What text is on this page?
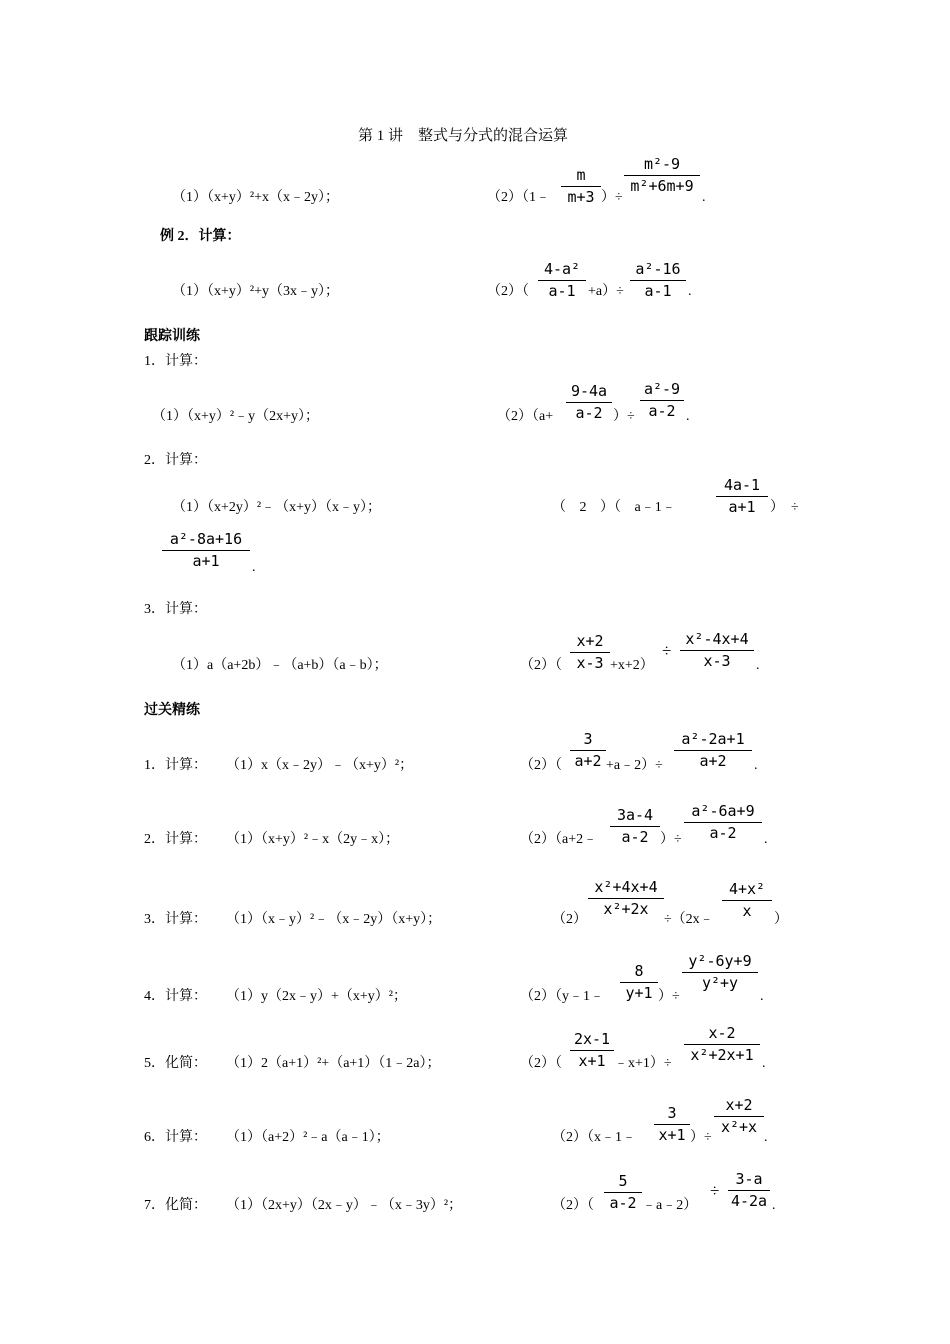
第 1 讲　整式与分式的混合运算
（1）（x+y）²+x（x﹣2y）；	（2）（1﹣
m
m+3 ）÷
m²-9
m²+6m+9
.
例 2．计算：
（1）（x+y）²+y（3x﹣y）；	（2）（
4-a²
a-1 +a）÷
a²-16
a-1	.
跟踪训练
1．计算：
（1）（x+y）²﹣y（2x+y）；	（2）（a+
9-4a
a-2 ）÷
a²-9
a-2 .
2．计算：
（1）（x+2y）²﹣（x+y）（x﹣y）；	（ 2 ）（ a﹣1﹣
4a-1
a+1	）　÷
a²-8a+16
a+1	.
3．计算：
（1）a（a+2b）﹣（a+b）（a﹣b）；	（2）（
x+2
x-3 +x+2）
÷
x²-4x+4
x-3	.
过关精练
1．计算： （1）x（x﹣2y）﹣（x+y）²；	（2）（
3
a+2 +a﹣2）÷
a²-2a+1
a+2	.
2．计算： （1）（x+y）²﹣x（2y﹣x）；	（2）（a+2﹣
3a-4
a-2 ）÷
a²-6a+9
a-2	.
3．计算： （1）（x﹣y）²﹣（x﹣2y）（x+y）；	（2）
x²+4x+4
x²+2x
÷（2x﹣
4+x²
x	）
4．计算： （1）y（2x﹣y）+（x+y）²；	（2）（y﹣1﹣
8
y+1 ）÷
y²-6y+9
y²+y
.
5．化简： （1）2（a+1）²+（a+1）（1﹣2a）；	（2）（
2x-1
x+1 ﹣x+1）÷
x-2
x²+2x+1 .
6．计算： （1）（a+2）²﹣a（a﹣1）；	（2）（x﹣1﹣
3
x+1 ）÷
x+2
x²+x
.
7．化简： （1）（2x+y）（2x﹣y）﹣（x﹣3y）²；	（2）（
5
a-2 ﹣a﹣2）
÷
3-a
4-2a .
